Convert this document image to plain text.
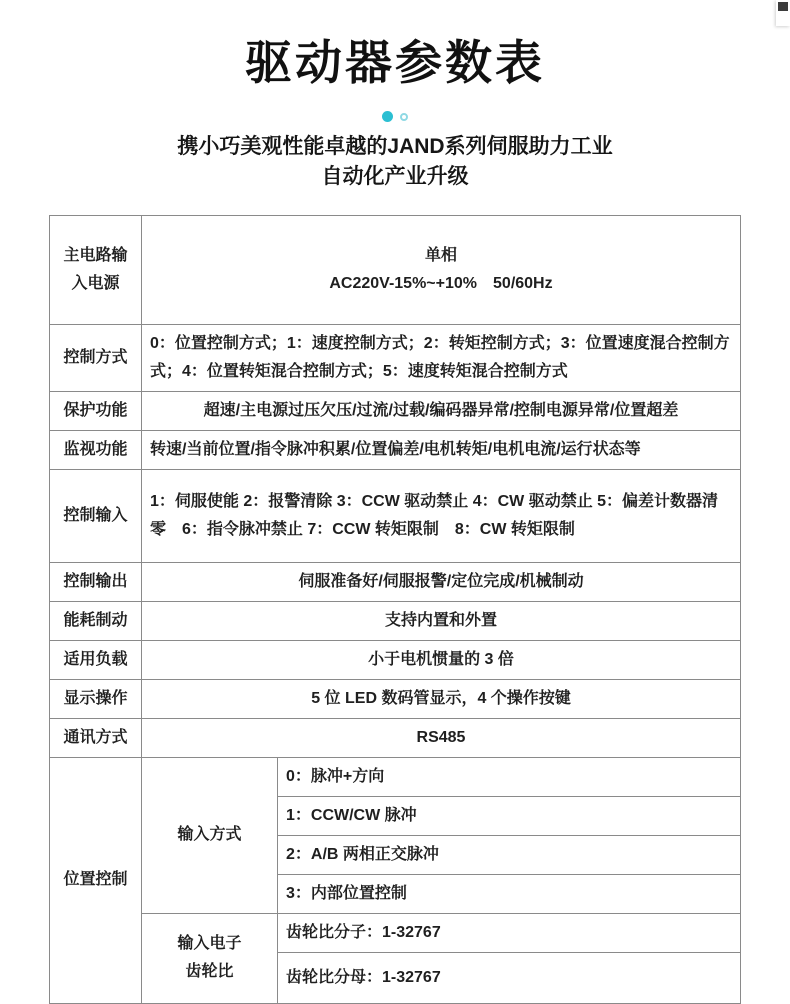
驱动器参数表
携小巧美观性能卓越的JAND系列伺服助力工业
自动化产业升级
主电路输入电源	单相
AC220V-15%~+10%　50/60Hz	

控制方式	0：位置控制方式；1：速度控制方式；2：转矩控制方式；3：位置速度混合控制方式；4：位置转矩混合控制方式；5：速度转矩混合控制方式	
保护功能	超速/主电源过压欠压/过流/过载/编码器异常/控制电源异常/位置超差	
监视功能	转速/当前位置/指令脉冲积累/位置偏差/电机转矩/电机电流/运行状态等	
控制输入	1：伺服使能 2：报警清除 3：CCW 驱动禁止 4：CW 驱动禁止 5：偏差计数器清零　6：指令脉冲禁止 7：CCW 转矩限制　8：CW 转矩限制	
控制输出	伺服准备好/伺服报警/定位完成/机械制动	
能耗制动	支持内置和外置	
适用负载	小于电机惯量的 3 倍	
显示操作	5 位 LED 数码管显示，4 个操作按键	
通讯方式	RS485	
位置控制	输入方式	0：脉冲+方向
		1：CCW/CW 脉冲
		2：A/B 两相正交脉冲
		3：内部位置控制

	输入电子齿轮比	齿轮比分子：1-32767
		齿轮比分母：1-32767
